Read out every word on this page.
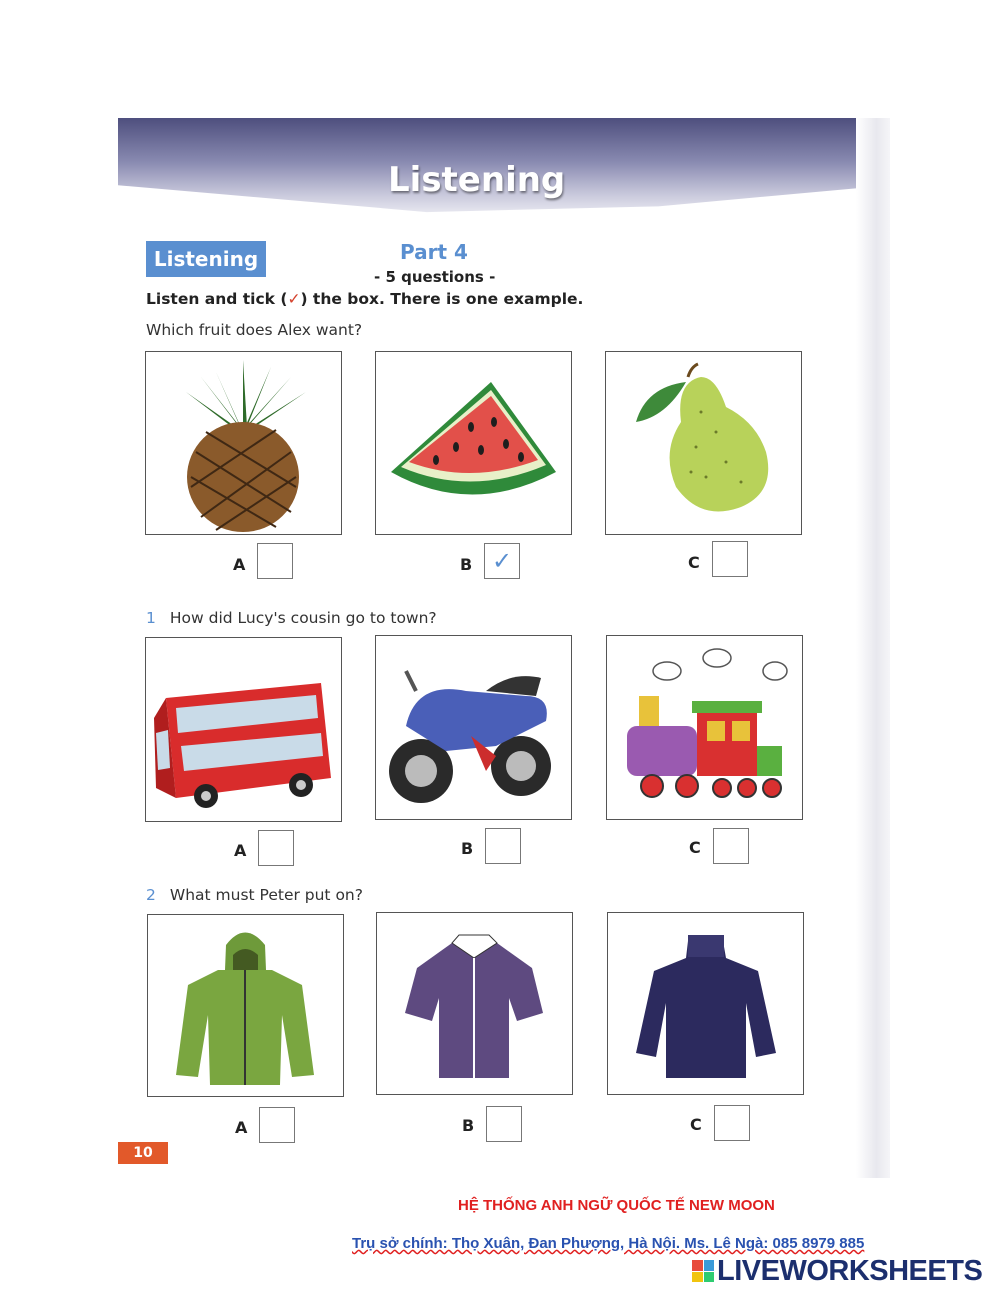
Listening
Listening	Part 4
- 5 questions -
Listen and tick (✓) the box. There is one example.
Which fruit does Alex want?
A	B ✓	C
1 How did Lucy's cousin go to town?
A	B	C
2 What must Peter put on?
A	B	C
10
HỆ THỐNG ANH NGỮ QUỐC TẾ NEW MOON
Trụ sở chính: Thọ Xuân, Đan Phượng, Hà Nội. Ms. Lê Ngà: 085 8979 885
LIVEWORKSHEETS
